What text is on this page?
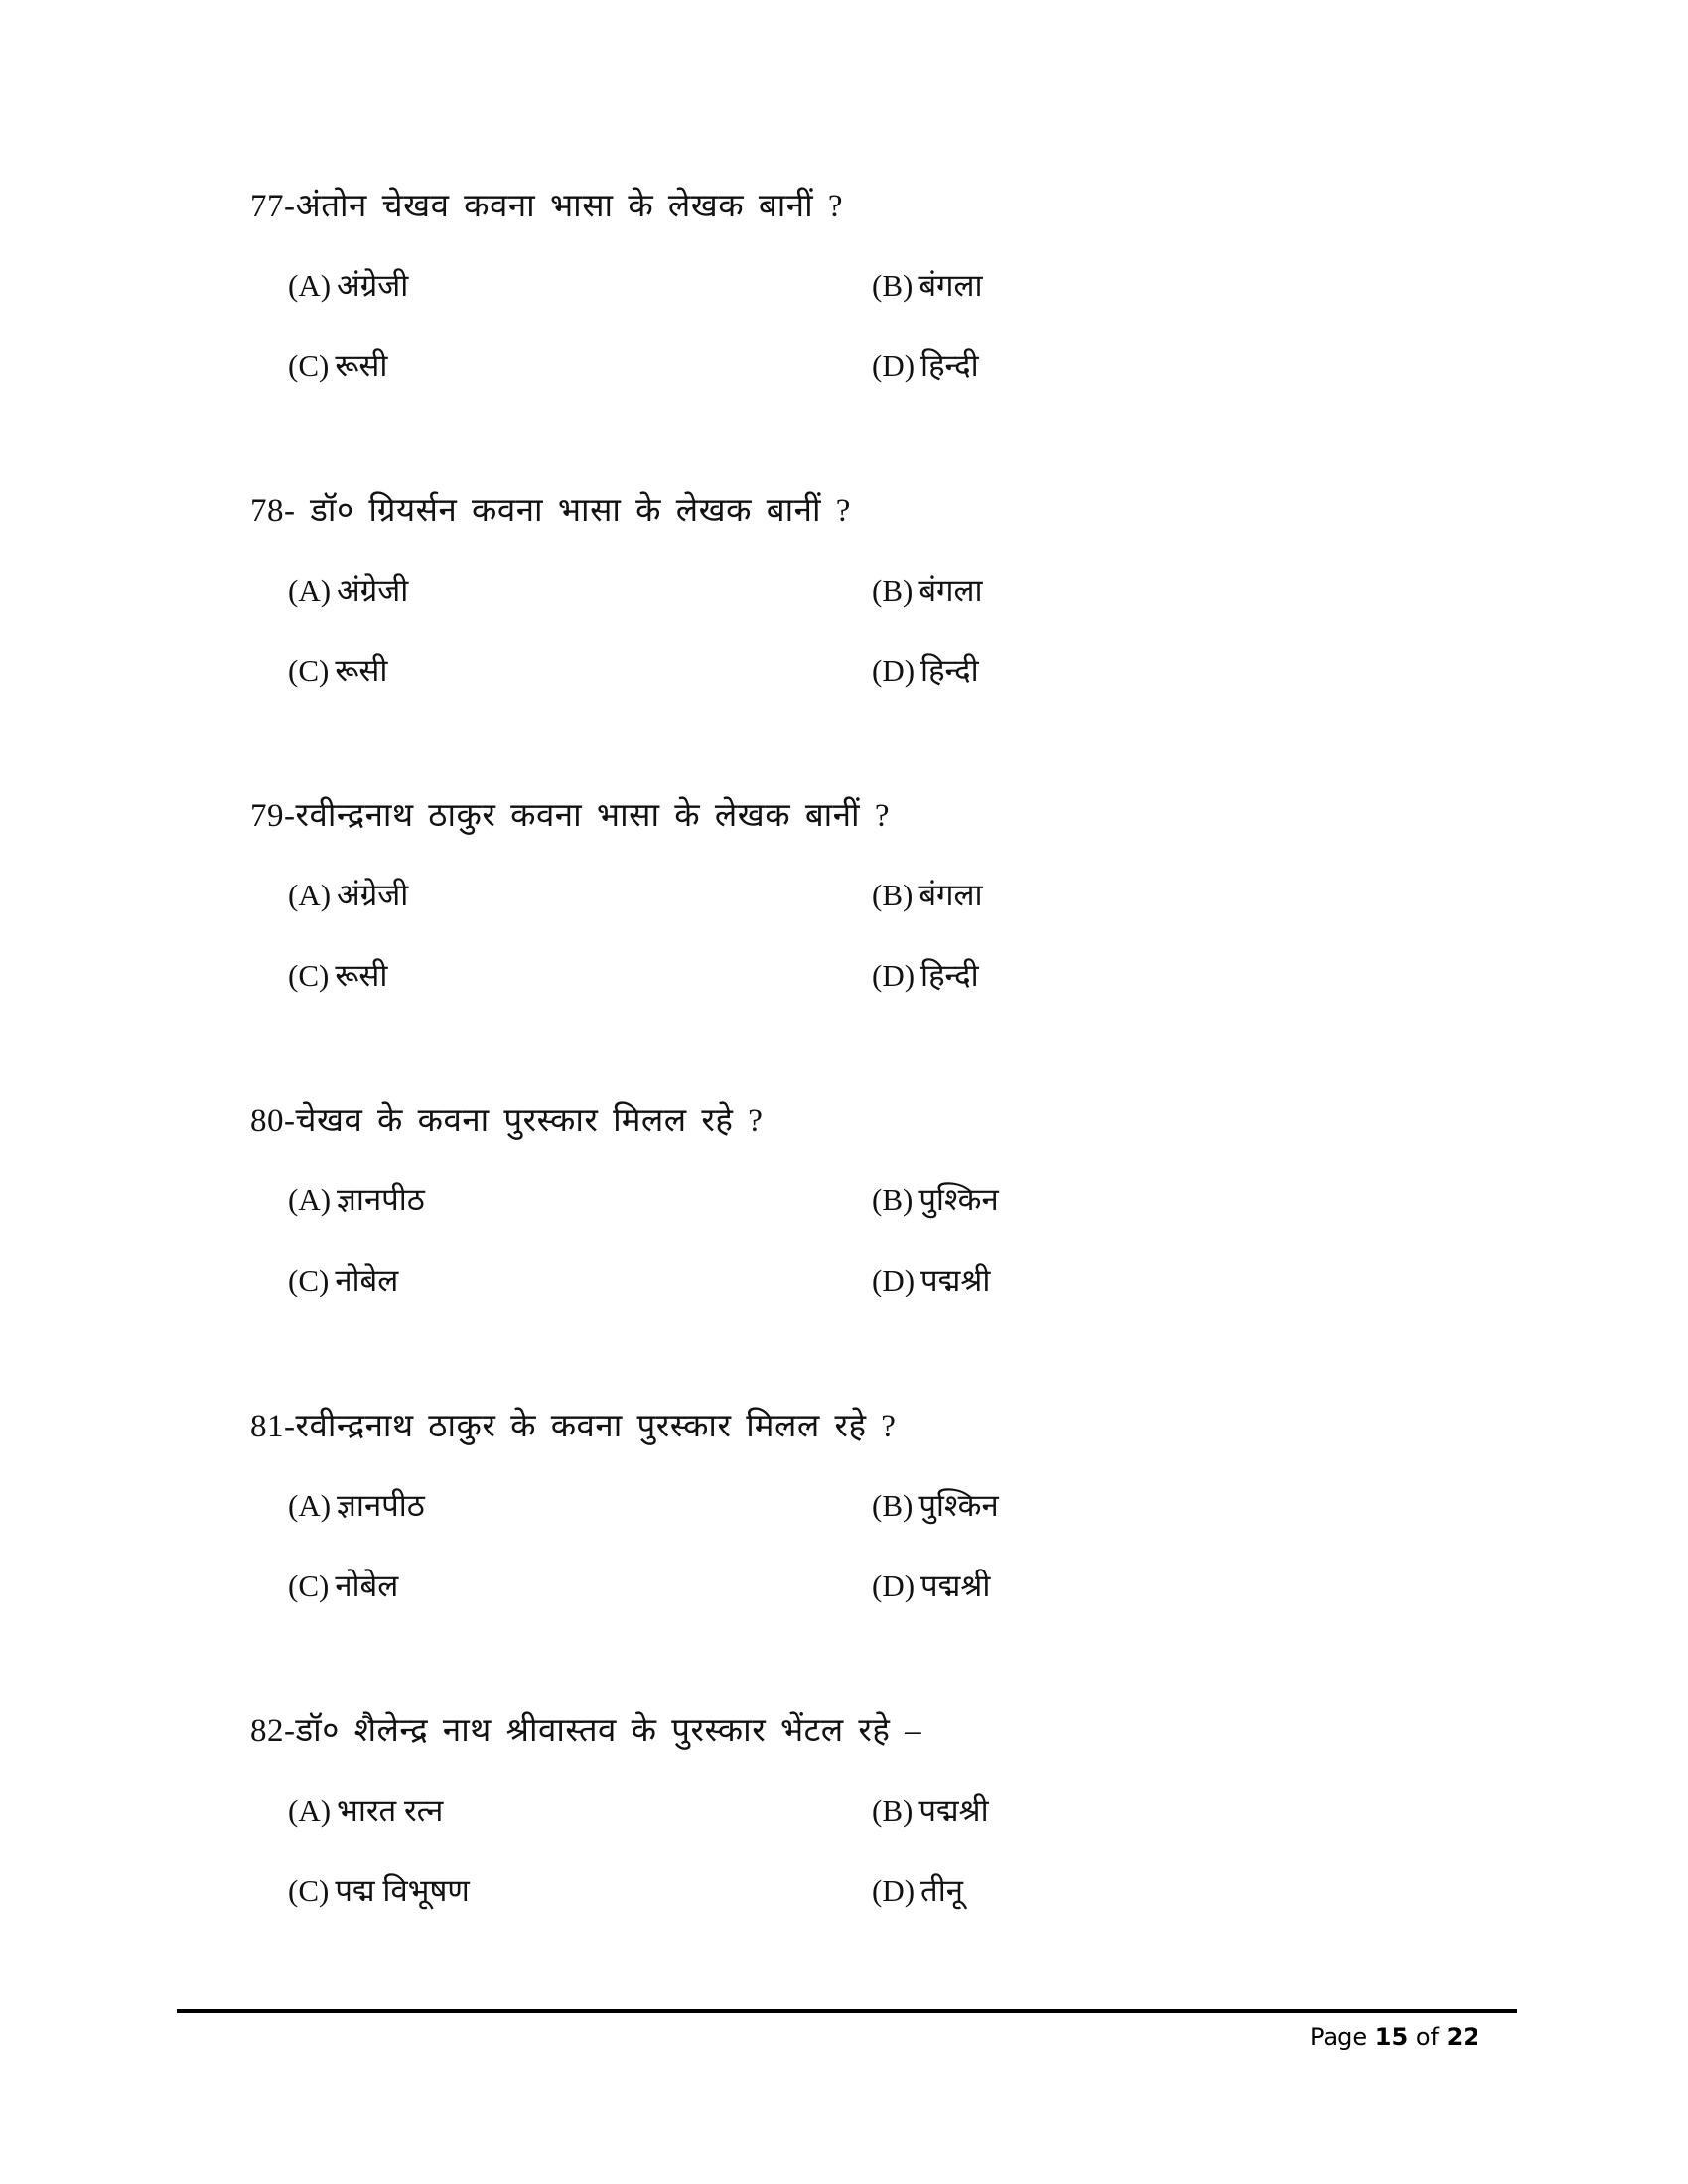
77-अंतोन चेखव कवना भासा के लेखक बानीं ?
(A) अंग्रेजी	(B) बंगला
(C) रूसी	(D) हिन्दी
78- डॉ० ग्रियर्सन कवना भासा के लेखक बानीं ?
(A) अंग्रेजी	(B) बंगला
(C) रूसी	(D) हिन्दी
79-रवीन्द्रनाथ ठाकुर कवना भासा के लेखक बानीं ?
(A) अंग्रेजी	(B) बंगला
(C) रूसी	(D) हिन्दी
80-चेखव के कवना पुरस्कार मिलल रहे ?
(A) ज्ञानपीठ	(B) पुश्किन
(C) नोबेल	(D) पद्मश्री
81-रवीन्द्रनाथ ठाकुर के कवना पुरस्कार मिलल रहे ?
(A) ज्ञानपीठ	(B) पुश्किन
(C) नोबेल	(D) पद्मश्री
82-डॉ० शैलेन्द्र नाथ श्रीवास्तव के पुरस्कार भेंटल रहे –
(A) भारत रत्न	(B) पद्मश्री
(C) पद्म विभूषण	(D) तीनू
Page 15 of 22
